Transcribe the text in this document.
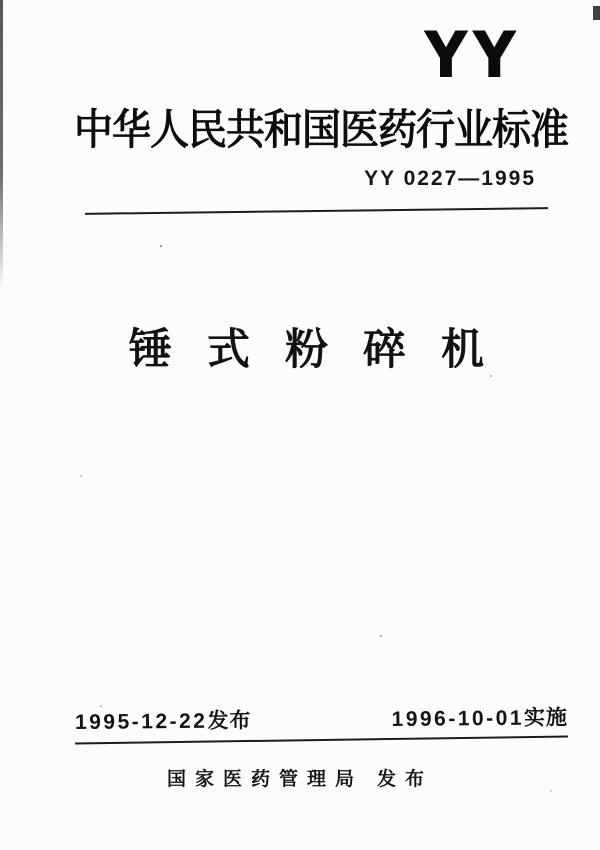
YY
中华人民共和国医药行业标准
YY 0227—1995
锤式粉碎机
1995-12-22发布	1996-10-01实施
国家医药管理局 发布
